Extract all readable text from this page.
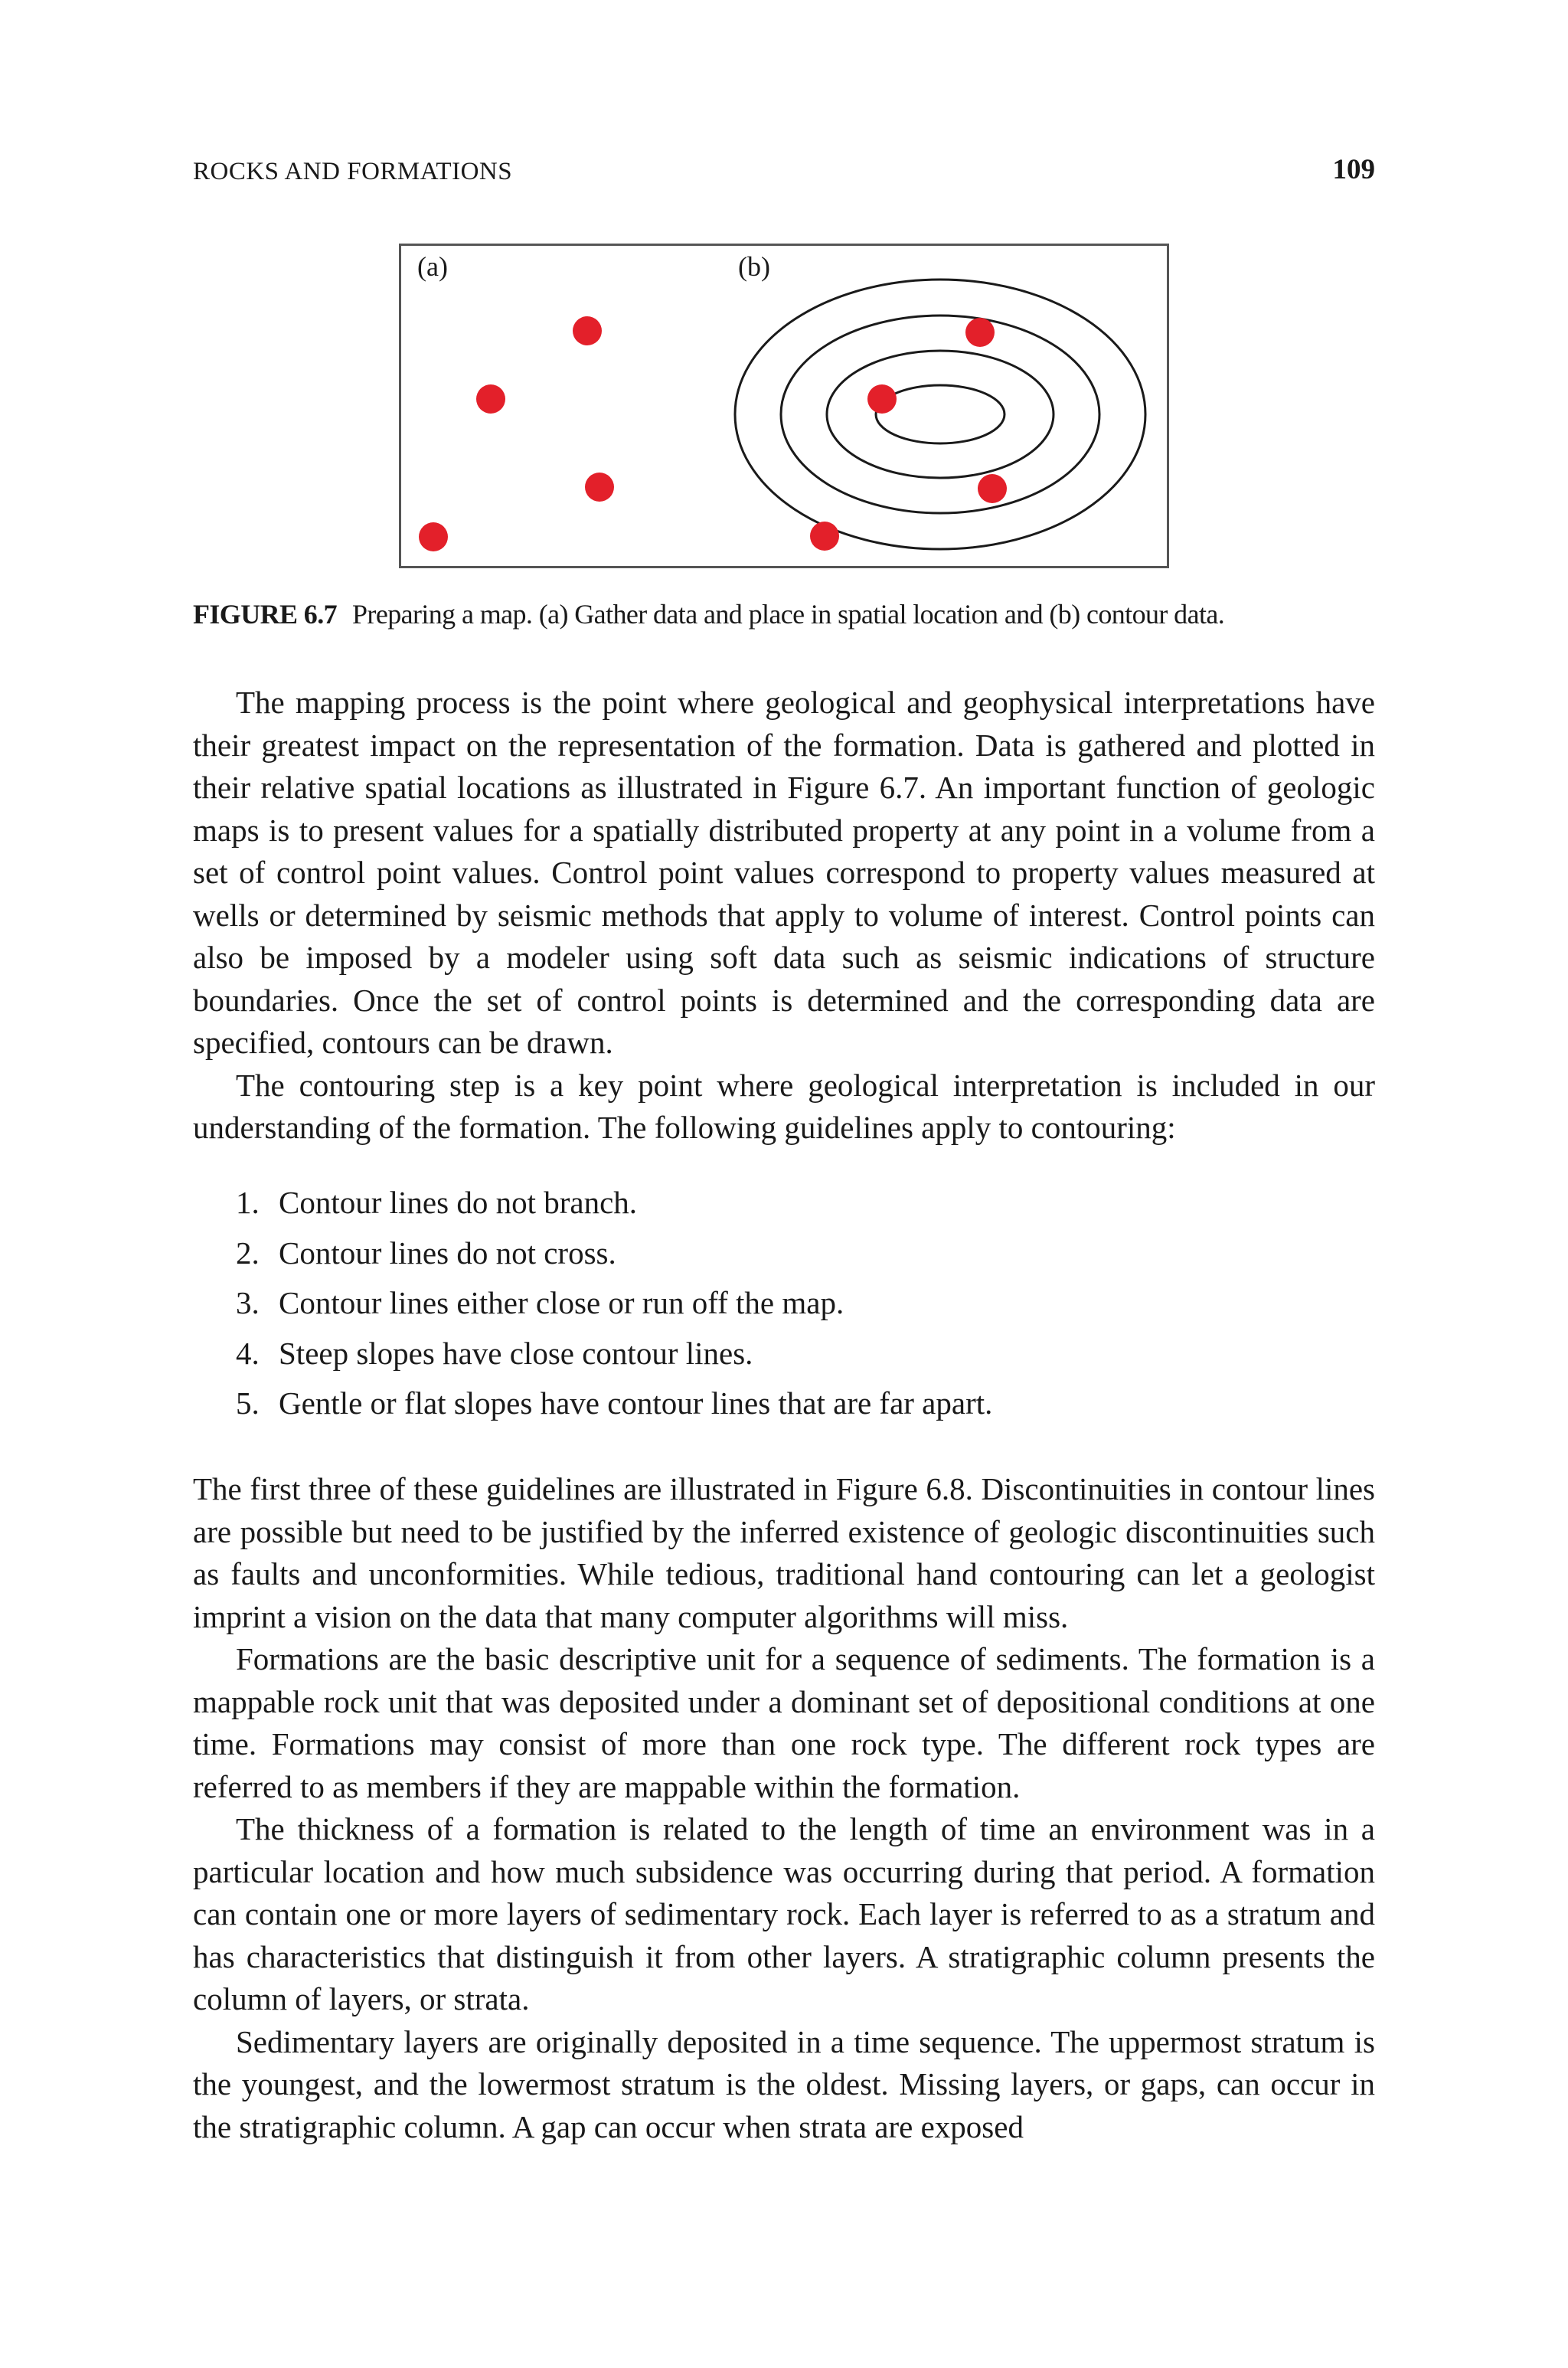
ROCKS AND FORMATIONS	109
(a)	(b)
FIGURE 6.7 Preparing a map. (a) Gather data and place in spatial location and (b) contour data.

The mapping process is the point where geological and geophysical interpretations have their greatest impact on the representation of the formation. Data is gathered and plotted in their relative spatial locations as illustrated in Figure 6.7. An important function of geologic maps is to present values for a spatially distributed property at any point in a volume from a set of control point values. Control point values correspond to property values measured at wells or determined by seismic methods that apply to volume of interest. Control points can also be imposed by a modeler using soft data such as seismic indications of structure boundaries. Once the set of control points is determined and the corresponding data are specified, contours can be drawn.

The contouring step is a key point where geological interpretation is included in our understanding of the formation. The following guidelines apply to contouring:

1. Contour lines do not branch.
2. Contour lines do not cross.
3. Contour lines either close or run off the map.
4. Steep slopes have close contour lines.
5. Gentle or flat slopes have contour lines that are far apart.

The first three of these guidelines are illustrated in Figure 6.8. Discontinuities in contour lines are possible but need to be justified by the inferred existence of geologic discontinuities such as faults and unconformities. While tedious, traditional hand contouring can let a geologist imprint a vision on the data that many computer algorithms will miss.

Formations are the basic descriptive unit for a sequence of sediments. The formation is a mappable rock unit that was deposited under a dominant set of depositional conditions at one time. Formations may consist of more than one rock type. The different rock types are referred to as members if they are mappable within the formation.

The thickness of a formation is related to the length of time an environment was in a particular location and how much subsidence was occurring during that period. A formation can contain one or more layers of sedimentary rock. Each layer is referred to as a stratum and has characteristics that distinguish it from other layers. A stratigraphic column presents the column of layers, or strata.

Sedimentary layers are originally deposited in a time sequence. The uppermost stratum is the youngest, and the lowermost stratum is the oldest. Missing layers, or gaps, can occur in the stratigraphic column. A gap can occur when strata are exposed
